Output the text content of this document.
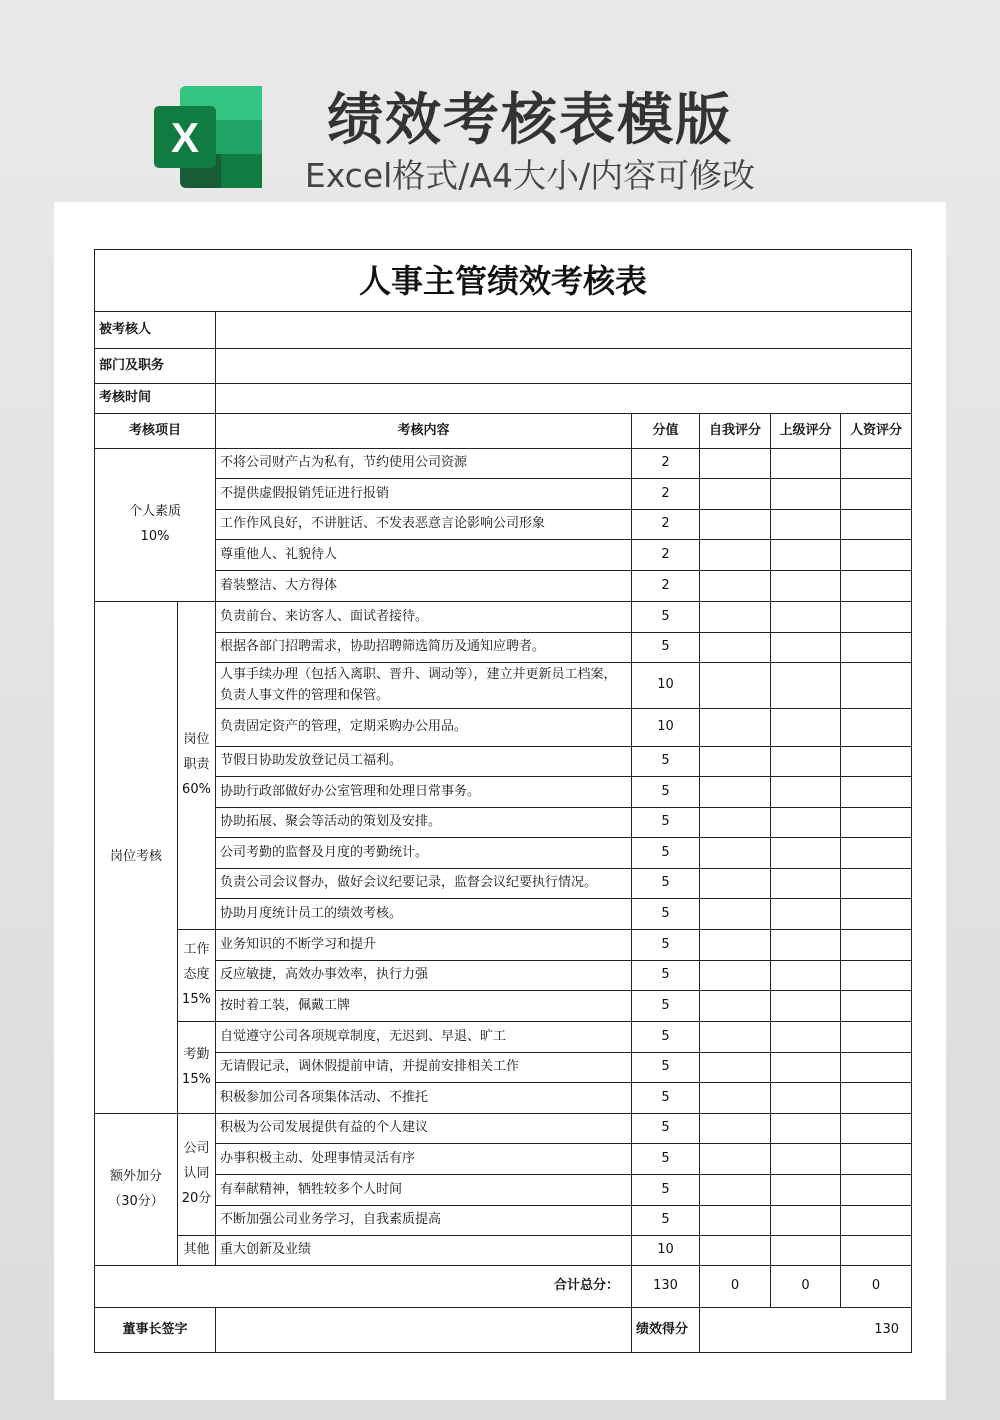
X	绩效考核表模版
Excel格式/A4大小/内容可修改
人事主管绩效考核表						
被考核人						
部门及职务						
考核时间						
考核项目		考核内容	分值	自我评分	上级评分	人资评分
个人素质
10%		不将公司财产占为私有，节约使用公司资源	2			
		不提供虚假报销凭证进行报销	2			
		工作作风良好，不讲脏话、不发表恶意言论影响公司形象	2			
		尊重他人、礼貌待人	2			
		着装整洁、大方得体	2			
岗位考核	岗位职责60%	负责前台、来访客人、面试者接待。	5			
		根据各部门招聘需求，协助招聘筛选简历及通知应聘者。	5			
		人事手续办理（包括入离职、晋升、调动等），建立并更新员工档案，负责人事文件的管理和保管。	10			
		负责固定资产的管理，定期采购办公用品。	10			
		节假日协助发放登记员工福利。	5			
		协助行政部做好办公室管理和处理日常事务。	5			
		协助拓展、聚会等活动的策划及安排。	5			
		公司考勤的监督及月度的考勤统计。	5			
		负责公司会议督办，做好会议纪要记录，监督会议纪要执行情况。	5			
		协助月度统计员工的绩效考核。	5			
	工作态度15%	业务知识的不断学习和提升	5			
		反应敏捷，高效办事效率，执行力强	5			
		按时着工装，佩戴工牌	5			
	考勤15%	自觉遵守公司各项规章制度，无迟到、早退、旷工	5			
		无请假记录，调休假提前申请，并提前安排相关工作	5			
		积极参加公司各项集体活动、不推托	5			
额外加分（30分）	公司认同20分	积极为公司发展提供有益的个人建议	5			
		办事积极主动、处理事情灵活有序	5			
		有奉献精神，牺牲较多个人时间	5			
		不断加强公司业务学习，自我素质提高	5			
	其他	重大创新及业绩	10			
合计总分：			130	0	0	0
董事长签字			绩效得分	130		
